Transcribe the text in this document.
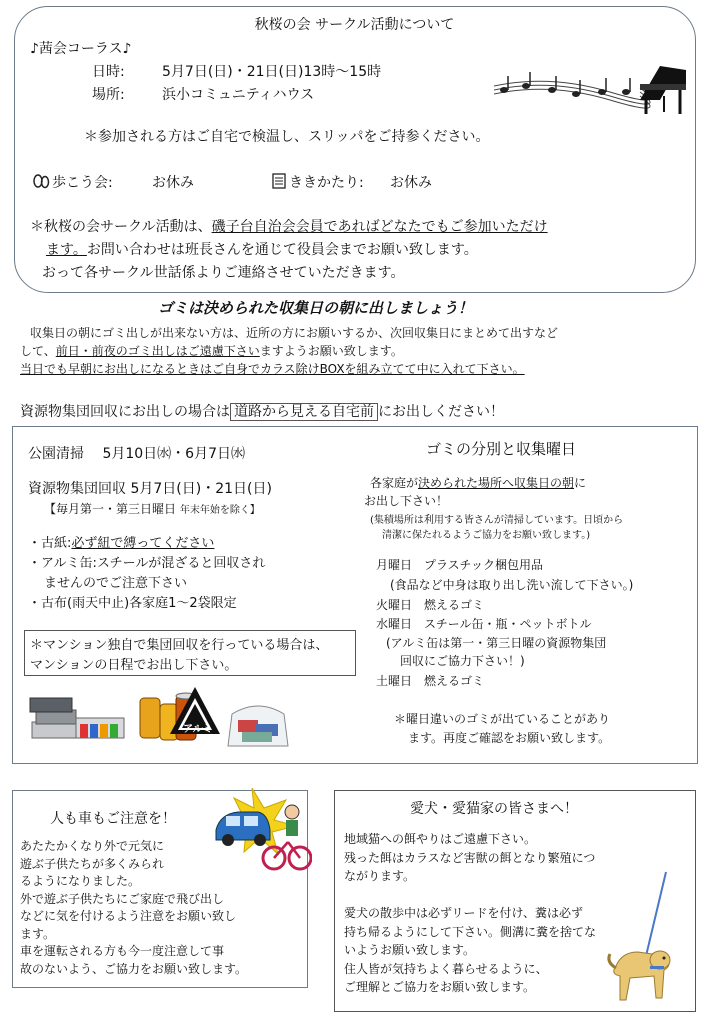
秋桜の会 サークル活動について
♪茜会コーラス♪
日時:	5月7日(日)・21日(日)13時〜15時
場所:	浜小コミュニティハウス
＊参加される方はご自宅で検温し、スリッパをご持参ください。
歩こう会:	お休み	ききかたり: お休み
＊秋桜の会サークル活動は、磯子台自治会会員であればどなたでもご参加いただけ
ます。お問い合わせは班長さんを通じて役員会までお願い致します。
おって各サークル世話係よりご連絡させていただきます。
ゴミは決められた収集日の朝に出しましょう！
収集日の朝にゴミ出しが出来ない方は、近所の方にお願いするか、次回収集日にまとめて出すなど
して、前日・前夜のゴミ出しはご遠慮下さいますようお願い致します。
当日でも早朝にお出しになるときはご自身でカラス除けBOXを組み立てて中に入れて下さい。
資源物集団回収にお出しの場合は 道路から見える自宅前 にお出しください！
公園清掃　 5月10日㈬・6月7日㈬
資源物集団回収 5月7日(日)・21日(日)
【毎月第一・第三日曜日 年末年始を除く】
・古紙:必ず紐で縛ってください
・アルミ缶:スチールが混ざると回収され
ませんのでご注意下さい
・古布(雨天中止)各家庭1〜2袋限定
＊マンション独自で集団回収を行っている場合は、
マンションの日程でお出し下さい。
アルミ
ゴミの分別と収集曜日
各家庭が決められた場所へ収集日の朝に
お出し下さい！
(集積場所は利用する皆さんが清掃しています。日頃から
清潔に保たれるようご協力をお願い致します。)
月曜日　プラスチック梱包用品
(食品など中身は取り出し洗い流して下さい。)
火曜日　燃えるゴミ
水曜日　スチール缶・瓶・ペットボトル
(アルミ缶は第一・第三日曜の資源物集団
回収にご協力下さい！)
土曜日　燃えるゴミ
＊曜日違いのゴミが出ていることがあり
ます。再度ご確認をお願い致します。
人も車もご注意を！
あたたかくなり外で元気に
遊ぶ子供たちが多くみられ
るようになりました。
外で遊ぶ子供たちにご家庭で飛び出し
などに気を付けるよう注意をお願い致し
ます。
車を運転される方も今一度注意して事
故のないよう、ご協力をお願い致します。
愛犬・愛猫家の皆さまへ！
地域猫への餌やりはご遠慮下さい。
残った餌はカラスなど害獣の餌となり繁殖につ
ながります。
愛犬の散歩中は必ずリードを付け、糞は必ず
持ち帰るようにして下さい。側溝に糞を捨てな
いようお願い致します。
住人皆が気持ちよく暮らせるように、
ご理解とご協力をお願い致します。
